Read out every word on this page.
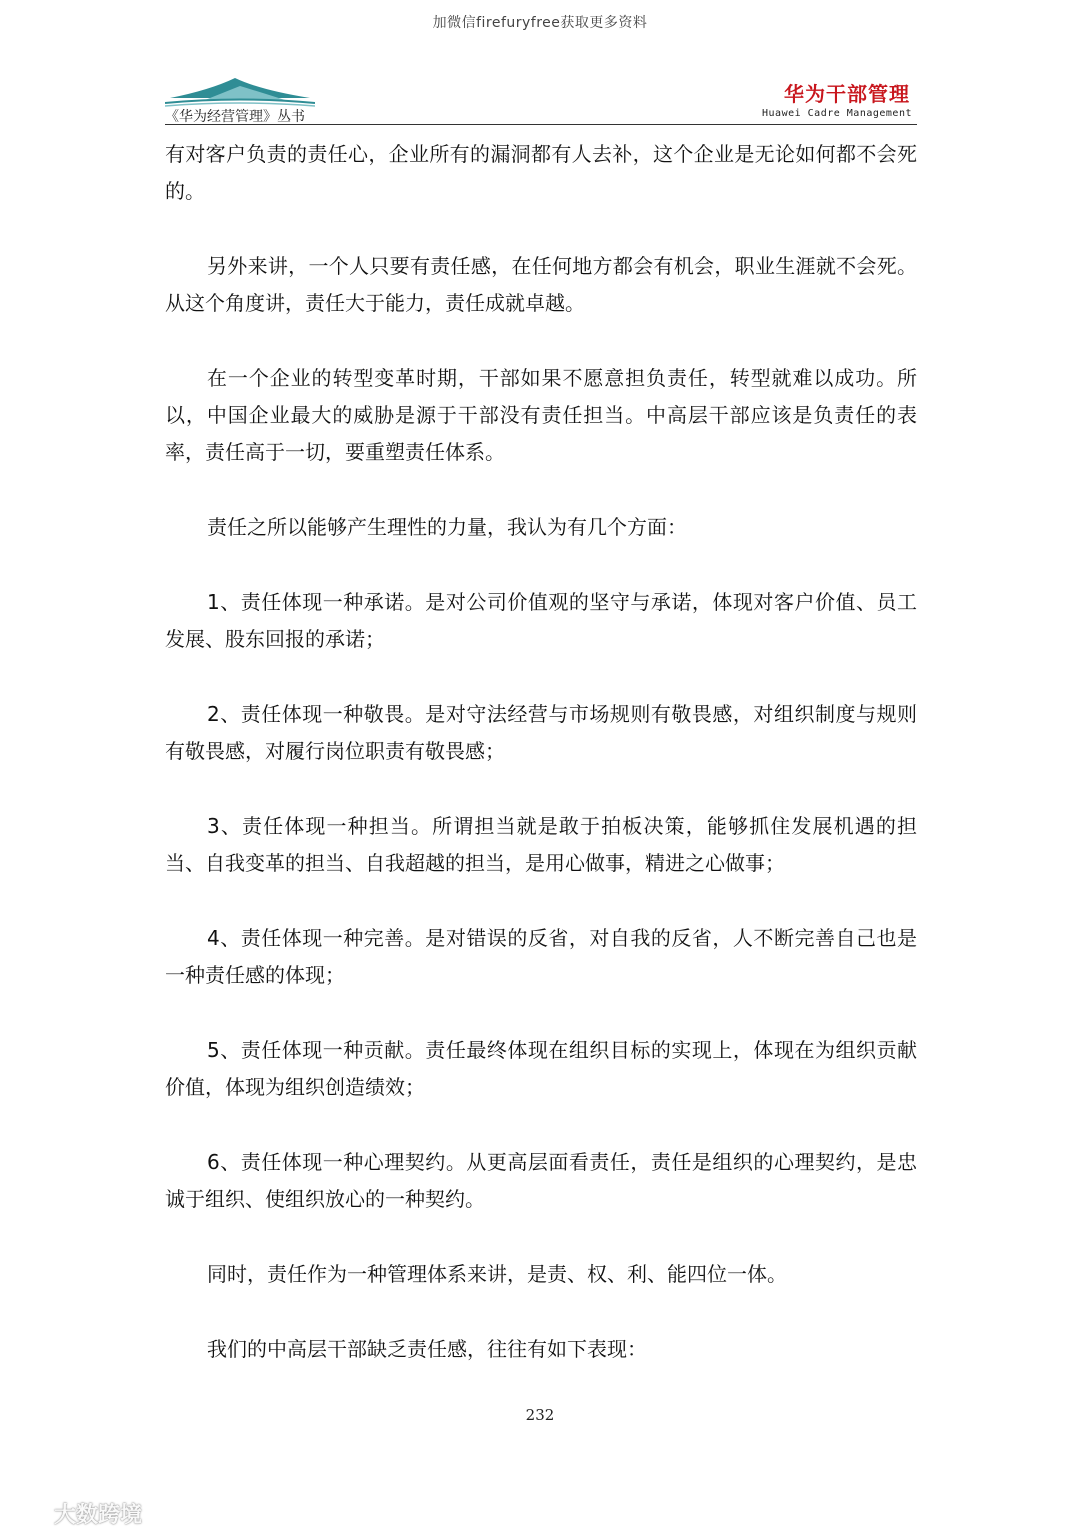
加微信firefuryfree获取更多资料
《华为经营管理》丛书
华为干部管理
Huawei Cadre Management

有对客户负责的责任心，企业所有的漏洞都有人去补，这个企业是无论如何都不会死的。

另外来讲，一个人只要有责任感，在任何地方都会有机会，职业生涯就不会死。从这个角度讲，责任大于能力，责任成就卓越。

在一个企业的转型变革时期，干部如果不愿意担负责任，转型就难以成功。所以，中国企业最大的威胁是源于干部没有责任担当。中高层干部应该是负责任的表率，责任高于一切，要重塑责任体系。

责任之所以能够产生理性的力量，我认为有几个方面：

1、责任体现一种承诺。是对公司价值观的坚守与承诺，体现对客户价值、员工发展、股东回报的承诺；

2、责任体现一种敬畏。是对守法经营与市场规则有敬畏感，对组织制度与规则有敬畏感，对履行岗位职责有敬畏感；

3、责任体现一种担当。所谓担当就是敢于拍板决策，能够抓住发展机遇的担当、自我变革的担当、自我超越的担当，是用心做事，精进之心做事；

4、责任体现一种完善。是对错误的反省，对自我的反省，人不断完善自己也是一种责任感的体现；

5、责任体现一种贡献。责任最终体现在组织目标的实现上，体现在为组织贡献价值，体现为组织创造绩效；

6、责任体现一种心理契约。从更高层面看责任，责任是组织的心理契约，是忠诚于组织、使组织放心的一种契约。

同时，责任作为一种管理体系来讲，是责、权、利、能四位一体。

我们的中高层干部缺乏责任感，往往有如下表现：

232
大数跨境
